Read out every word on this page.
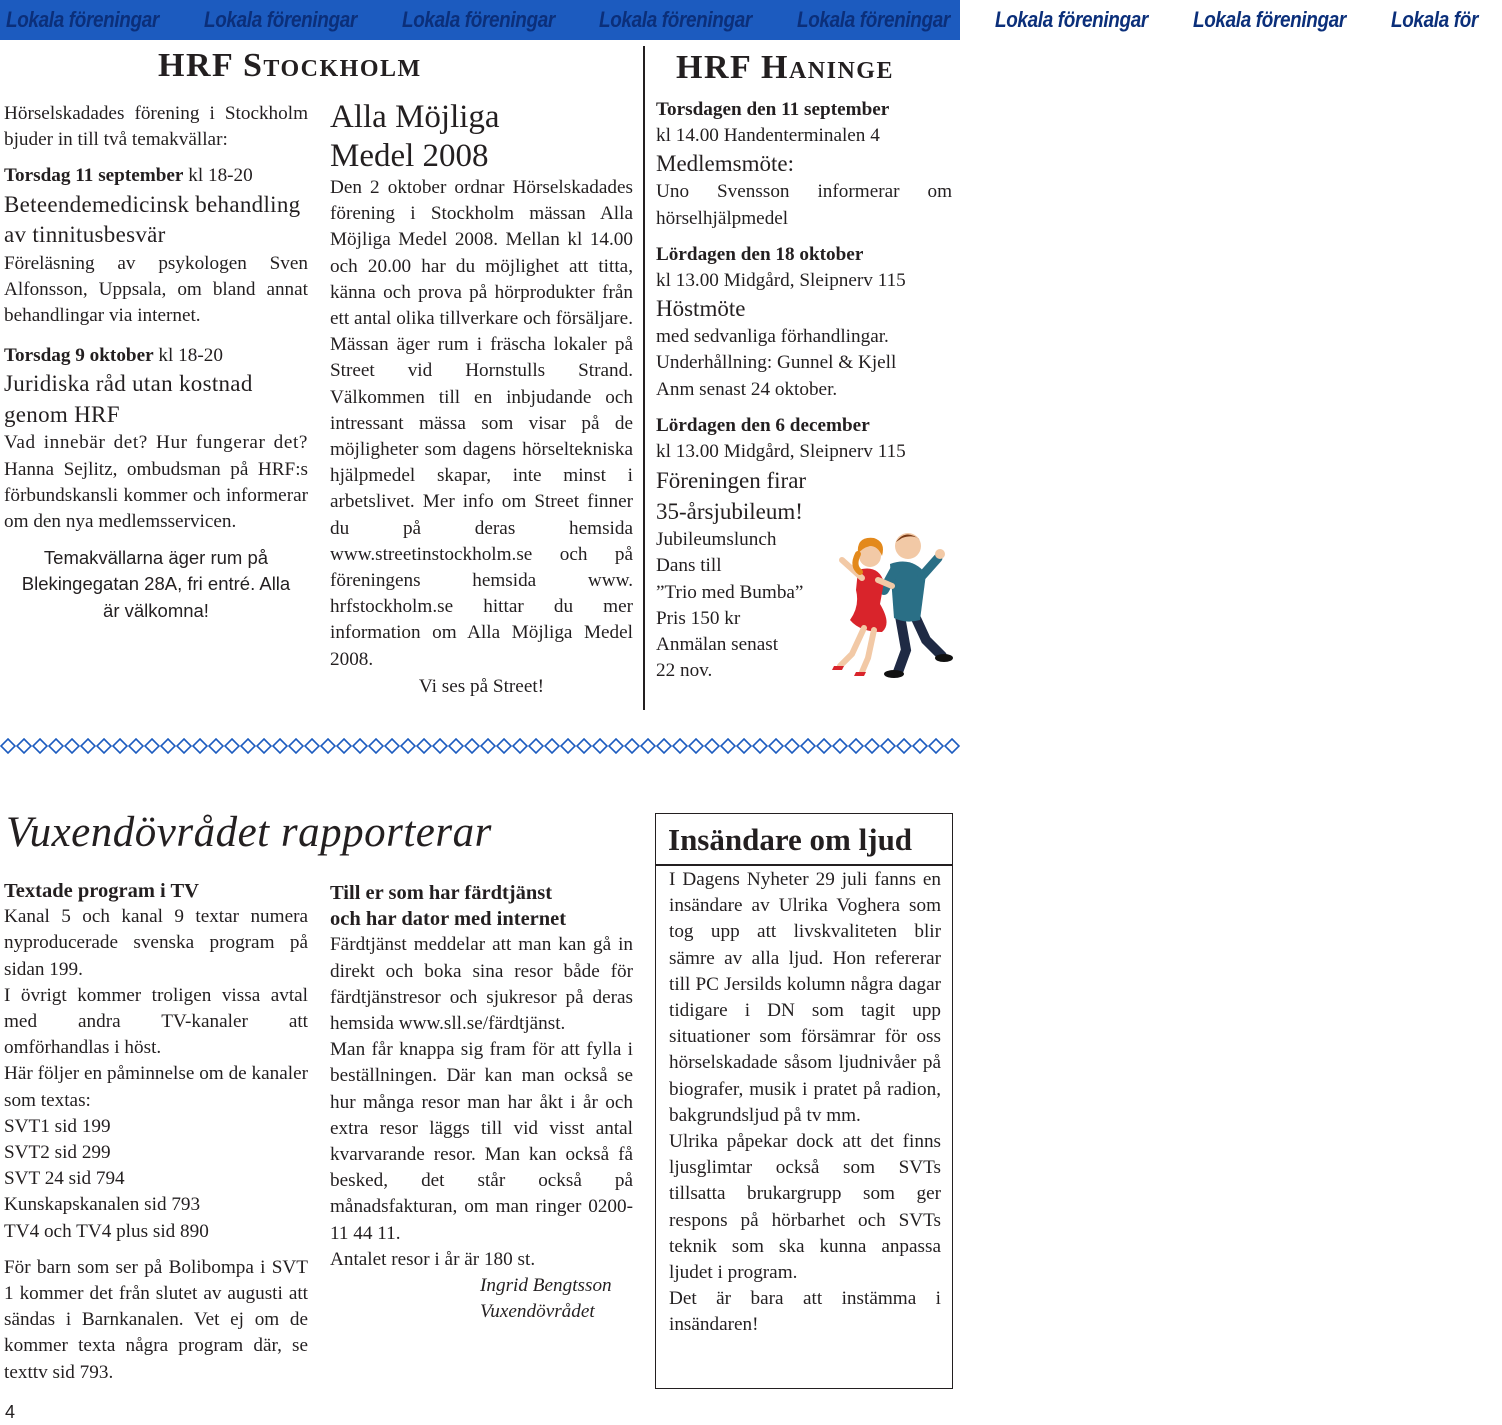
Lokala föreningar Lokala föreningar Lokala föreningar Lokala föreningar Lokala föreningar Lokala föreningar Lokala föreningar Lokala för
HRF Stockholm

Hörselskadades förening i Stockholm bjuder in till två temakvällar:

Torsdag 11 september kl 18-20

Beteendemedicinsk behandling av tinnitusbesvär

Föreläsning av psykologen Sven Alfonsson, Uppsala, om bland annat behandlingar via internet.

Torsdag 9 oktober kl 18-20

Juridiska råd utan kostnad genom HRF

Vad innebär det? Hur fungerar det? Hanna Sejlitz, ombudsman på HRF:s förbundskansli kommer och informerar om den nya medlemsservicen.

Temakvällarna äger rum på Blekingegatan 28A, fri entré. Alla är välkomna!

Alla Möjliga Medel 2008

Den 2 oktober ordnar Hörselskadades förening i Stockholm mässan Alla Möjliga Medel 2008. Mellan kl 14.00 och 20.00 har du möjlighet att titta, känna och prova på hörprodukter från ett antal olika tillverkare och försäljare. Mässan äger rum i fräscha lokaler på Street vid Hornstulls Strand. Välkommen till en inbjudande och intressant mässa som visar på de möjligheter som dagens hörseltekniska hjälpmedel skapar, inte minst i arbetslivet. Mer info om Street finner du på deras hemsida www.streetinstockholm.se och på föreningens hemsida www. hrfstockholm.se hittar du mer information om Alla Möjliga Medel 2008.

Vi ses på Street!

HRF Haninge

Torsdagen den 11 september

kl 14.00 Handenterminalen 4

Medlemsmöte:

Uno Svensson informerar om hörselhjälpmedel

Lördagen den 18 oktober

kl 13.00 Midgård, Sleipnerv 115

Höstmöte

med sedvanliga förhandlingar.

Underhållning: Gunnel & Kjell

Anm senast 24 oktober.

Lördagen den 6 december

kl 13.00 Midgård, Sleipnerv 115

Föreningen firar

35-årsjubileum!

Jubileumslunch

Dans till

”Trio med Bumba”

Pris 150 kr

Anmälan senast

22 nov.

Vuxendövrådet rapporterar

Textade program i TV

Kanal 5 och kanal 9 textar numera nyproducerade svenska program på sidan 199.

I övrigt kommer troligen vissa avtal med andra TV-kanaler att omförhandlas i höst.

Här följer en påminnelse om de kanaler som textas:

SVT1 sid 199

SVT2 sid 299

SVT 24 sid 794

Kunskapskanalen sid 793

TV4 och TV4 plus sid 890

För barn som ser på Bolibompa i SVT 1 kommer det från slutet av augusti att sändas i Barnkanalen. Vet ej om de kommer texta några program där, se texttv sid 793.

Till er som har färdtjänst

och har dator med internet

Färdtjänst meddelar att man kan gå in direkt och boka sina resor både för färdtjänstresor och sjukresor på deras hemsida www.sll.se/färdtjänst.

Man får knappa sig fram för att fylla i beställningen. Där kan man också se hur många resor man har åkt i år och extra resor läggs till vid visst antal kvarvarande resor. Man kan också få besked, det står också på månadsfakturan, om man ringer 0200-11 44 11.

Antalet resor i år är 180 st.

Ingrid Bengtsson

Vuxendövrådet

Insändare om ljud

I Dagens Nyheter 29 juli fanns en insändare av Ulrika Voghera som tog upp att livskvaliteten blir sämre av alla ljud. Hon refererar till PC Jersilds kolumn några dagar tidigare i DN som tagit upp situationer som försämrar för oss hörselskadade såsom ljudnivåer på biografer, musik i pratet på radion, bakgrundsljud på tv mm.

Ulrika påpekar dock att det finns ljusglimtar också som SVTs tillsatta brukargrupp som ger respons på hörbarhet och SVTs teknik som ska kunna anpassa ljudet i program.

Det är bara att instämma i insändaren!

4
